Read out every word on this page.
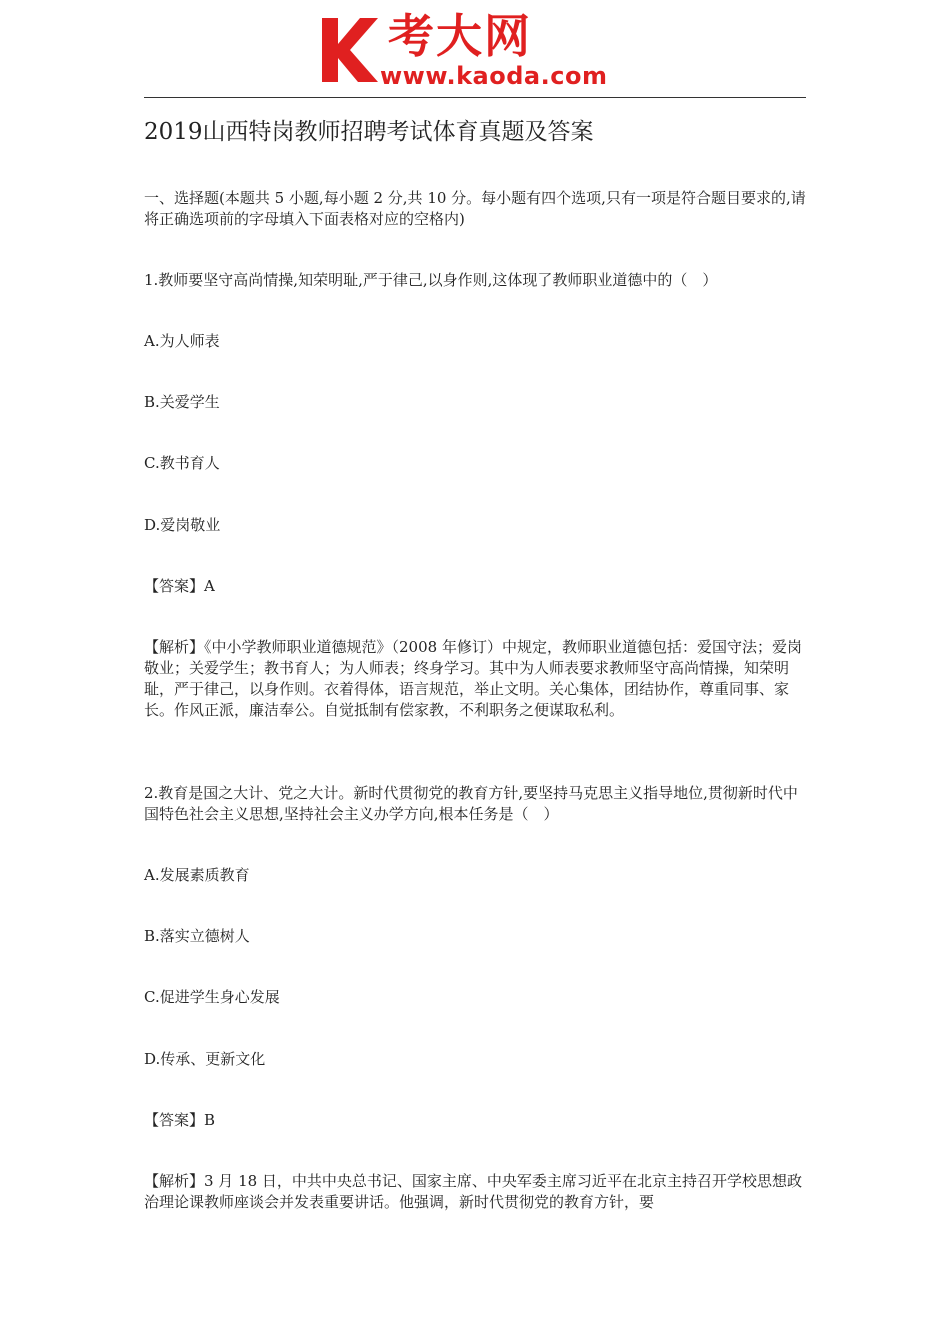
考大网
www.kaoda.com
2019山西特岗教师招聘考试体育真题及答案

一、选择题(本题共 5 小题,每小题 2 分,共 10 分。每小题有四个选项,只有一项是符合题目要求的,请将正确选项前的字母填入下面表格对应的空格内)

1.教师要坚守高尚情操,知荣明耻,严于律己,以身作则,这体现了教师职业道德中的（　）

A.为人师表

B.关爱学生

C.教书育人

D.爱岗敬业

【答案】A

【解析】《中小学教师职业道德规范》（2008 年修订）中规定，教师职业道德包括：爱国守法；爱岗敬业；关爱学生；教书育人；为人师表；终身学习。其中为人师表要求教师坚守高尚情操，知荣明耻，严于律己，以身作则。衣着得体，语言规范，举止文明。关心集体，团结协作，尊重同事、家长。作风正派，廉洁奉公。自觉抵制有偿家教，不利职务之便谋取私利。

2.教育是国之大计、党之大计。新时代贯彻党的教育方针,要坚持马克思主义指导地位,贯彻新时代中国特色社会主义思想,坚持社会主义办学方向,根本任务是（　）

A.发展素质教育

B.落实立德树人

C.促进学生身心发展

D.传承、更新文化

【答案】B

【解析】3 月 18 日，中共中央总书记、国家主席、中央军委主席习近平在北京主持召开学校思想政治理论课教师座谈会并发表重要讲话。他强调，新时代贯彻党的教育方针，要
